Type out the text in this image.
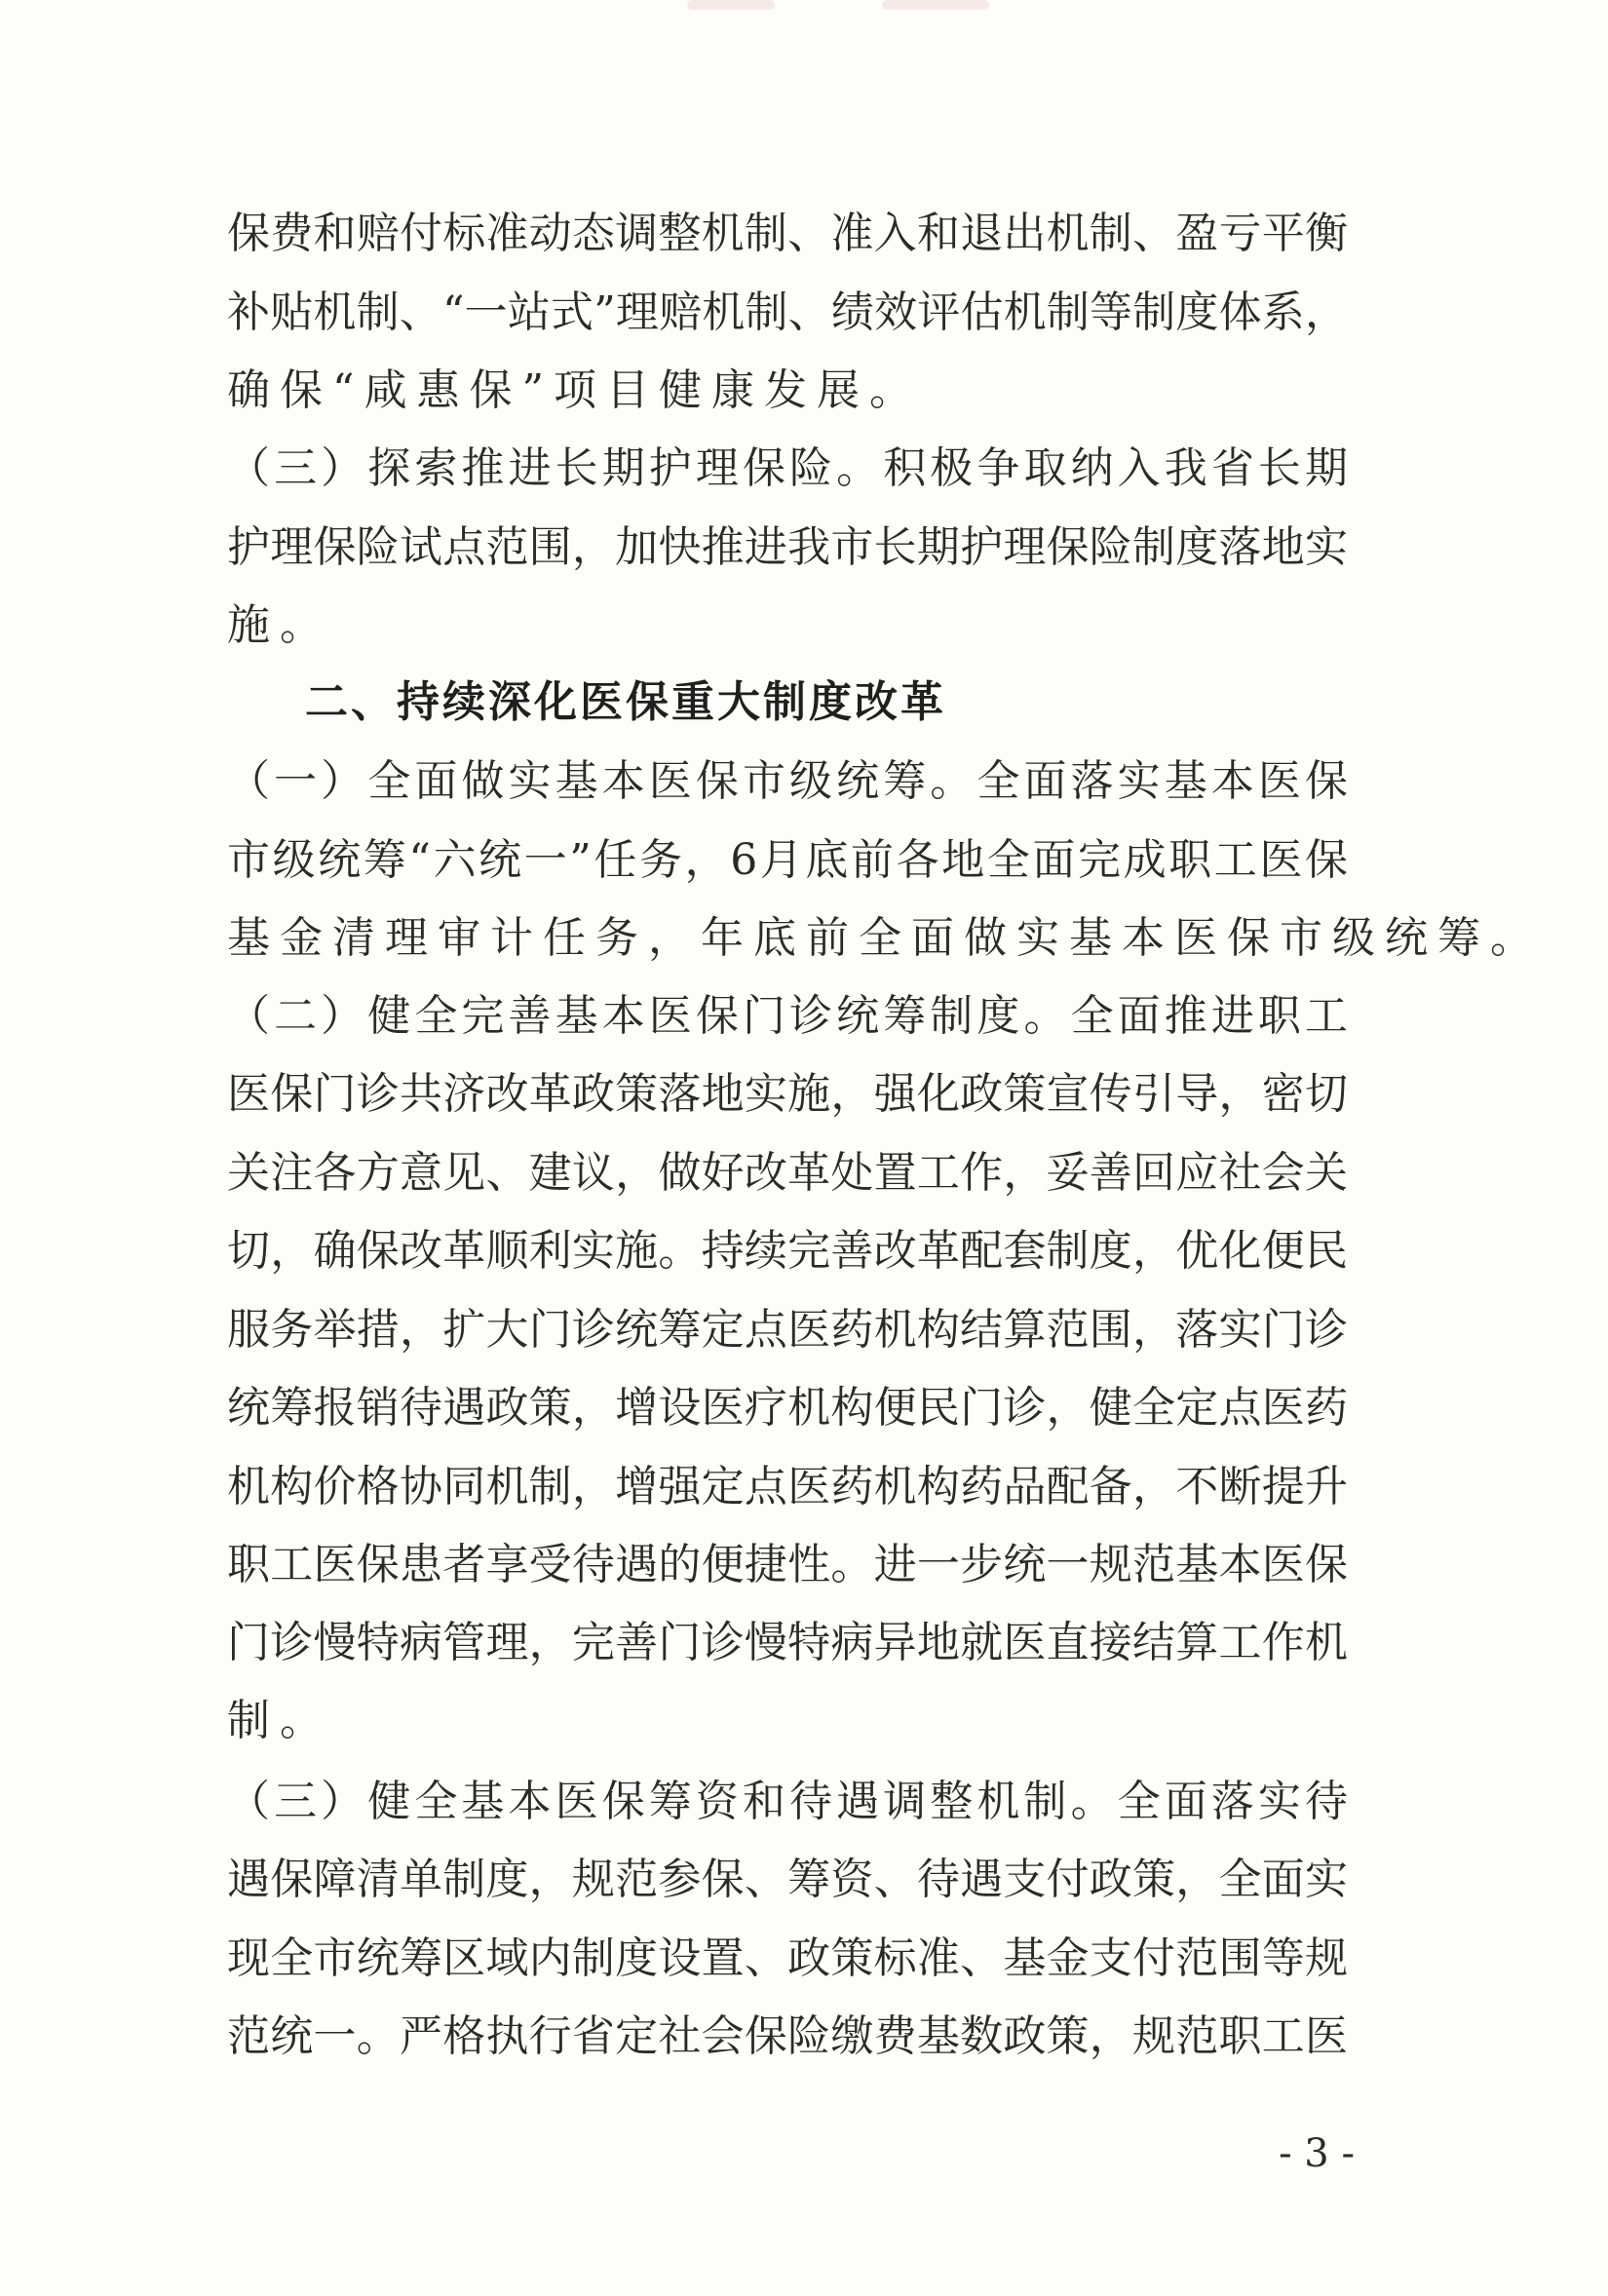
保费和赔付标准动态调整机制、准入和退出机制、盈亏平衡
补贴机制、“一站式”理赔机制、绩效评估机制等制度体系，
确保“咸惠保”项目健康发展。
（三）探索推进长期护理保险。积极争取纳入我省长期
护理保险试点范围，加快推进我市长期护理保险制度落地实
施。
二、持续深化医保重大制度改革
（一）全面做实基本医保市级统筹。全面落实基本医保
市级统筹“六统一”任务，6月底前各地全面完成职工医保
基金清理审计任务，年底前全面做实基本医保市级统筹。
（二）健全完善基本医保门诊统筹制度。全面推进职工
医保门诊共济改革政策落地实施，强化政策宣传引导，密切
关注各方意见、建议，做好改革处置工作，妥善回应社会关
切，确保改革顺利实施。持续完善改革配套制度，优化便民
服务举措，扩大门诊统筹定点医药机构结算范围，落实门诊
统筹报销待遇政策，增设医疗机构便民门诊，健全定点医药
机构价格协同机制，增强定点医药机构药品配备，不断提升
职工医保患者享受待遇的便捷性。进一步统一规范基本医保
门诊慢特病管理，完善门诊慢特病异地就医直接结算工作机
制。
（三）健全基本医保筹资和待遇调整机制。全面落实待
遇保障清单制度，规范参保、筹资、待遇支付政策，全面实
现全市统筹区域内制度设置、政策标准、基金支付范围等规
范统一。严格执行省定社会保险缴费基数政策，规范职工医
- 3 -
